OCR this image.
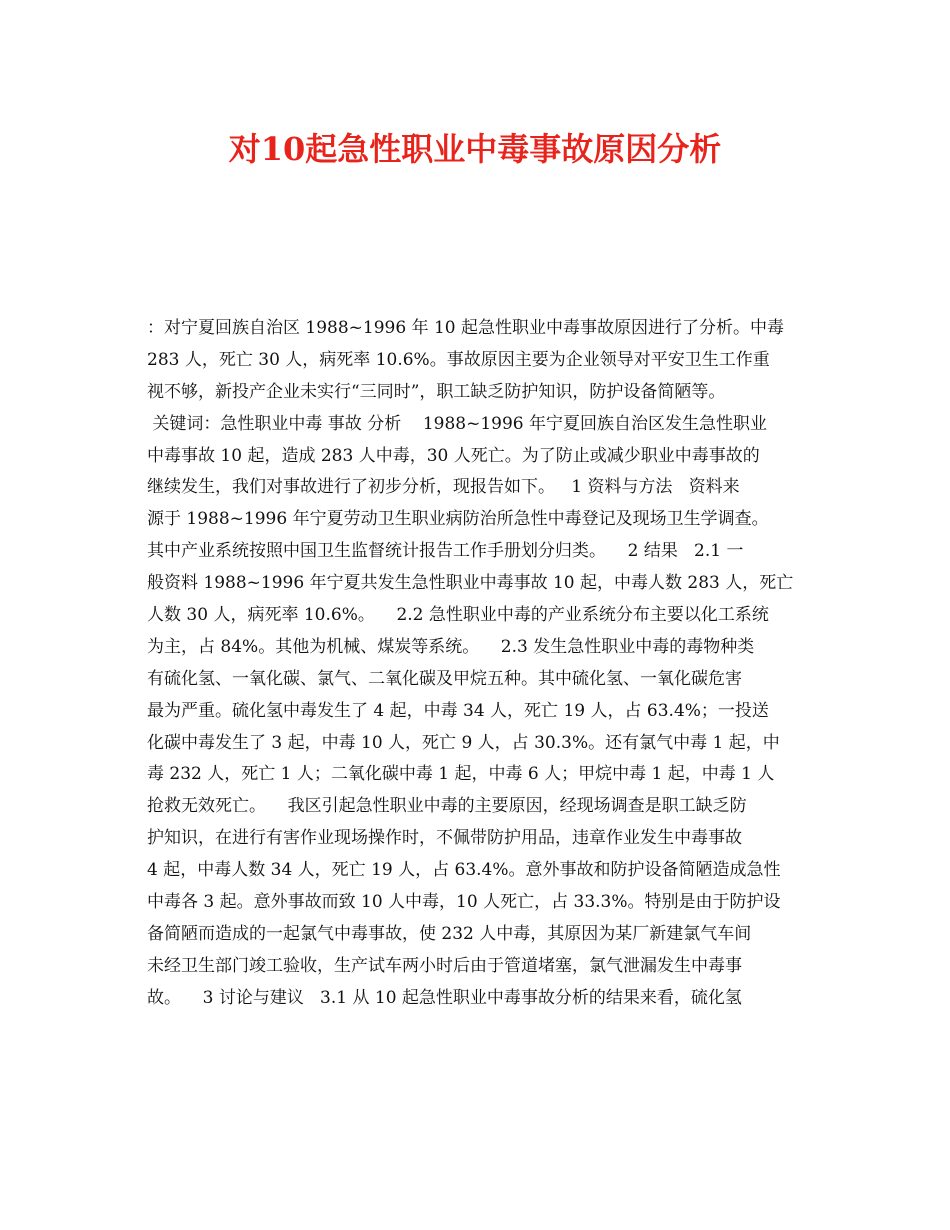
对10起急性职业中毒事故原因分析
：对宁夏回族自治区 1988~1996 年 10 起急性职业中毒事故原因进行了分析。中毒
283 人，死亡 30 人，病死率 10.6%。事故原因主要为企业领导对平安卫生工作重
视不够，新投产企业未实行“三同时”，职工缺乏防护知识，防护设备简陋等。
关键词：急性职业中毒 事故 分析    1988~1996 年宁夏回族自治区发生急性职业
中毒事故 10 起，造成 283 人中毒，30 人死亡。为了防止或减少职业中毒事故的
继续发生，我们对事故进行了初步分析，现报告如下。   1 资料与方法   资料来
源于 1988~1996 年宁夏劳动卫生职业病防治所急性中毒登记及现场卫生学调查。
其中产业系统按照中国卫生监督统计报告工作手册划分归类。    2 结果   2.1 一
般资料 1988~1996 年宁夏共发生急性职业中毒事故 10 起，中毒人数 283 人，死亡
人数 30 人，病死率 10.6%。    2.2 急性职业中毒的产业系统分布主要以化工系统
为主，占 84%。其他为机械、煤炭等系统。    2.3 发生急性职业中毒的毒物种类
有硫化氢、一氧化碳、氯气、二氧化碳及甲烷五种。其中硫化氢、一氧化碳危害
最为严重。硫化氢中毒发生了 4 起，中毒 34 人，死亡 19 人，占 63.4%；一投送
化碳中毒发生了 3 起，中毒 10 人，死亡 9 人，占 30.3%。还有氯气中毒 1 起，中
毒 232 人，死亡 1 人；二氧化碳中毒 1 起，中毒 6 人；甲烷中毒 1 起，中毒 1 人
抢救无效死亡。    我区引起急性职业中毒的主要原因，经现场调查是职工缺乏防
护知识，在进行有害作业现场操作时，不佩带防护用品，违章作业发生中毒事故
4 起，中毒人数 34 人，死亡 19 人，占 63.4%。意外事故和防护设备简陋造成急性
中毒各 3 起。意外事故而致 10 人中毒，10 人死亡，占 33.3%。特别是由于防护设
备简陋而造成的一起氯气中毒事故，使 232 人中毒，其原因为某厂新建氯气车间
未经卫生部门竣工验收，生产试车两小时后由于管道堵塞，氯气泄漏发生中毒事
故。    3 讨论与建议   3.1 从 10 起急性职业中毒事故分析的结果来看，硫化氢
